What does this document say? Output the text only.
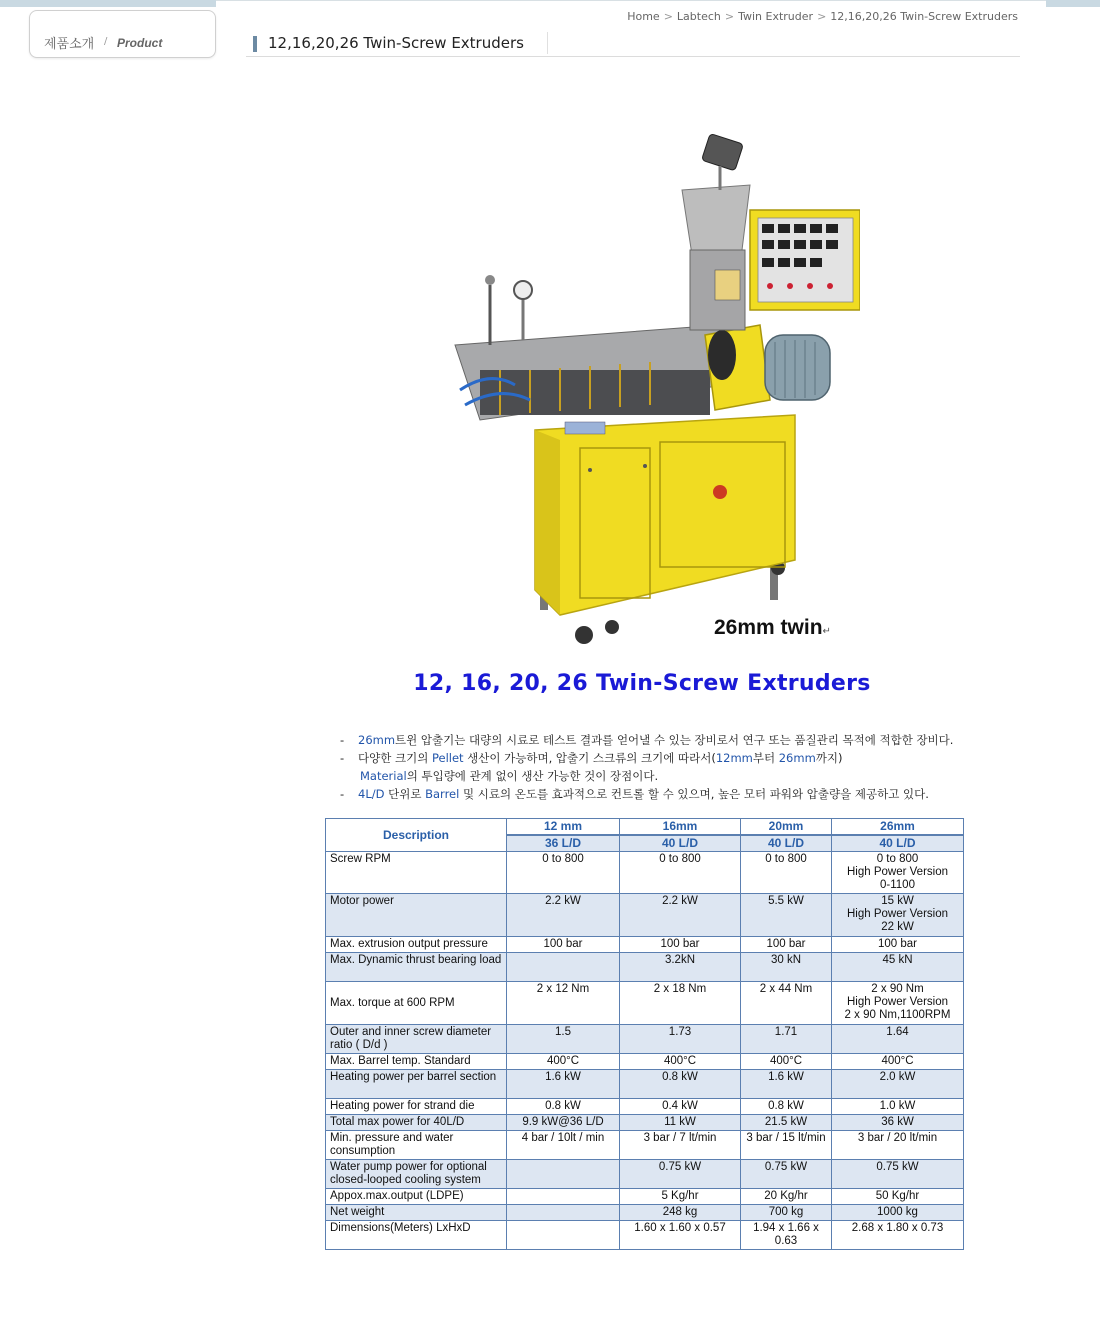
제품소개 / Product
Home > Labtech > Twin Extruder > 12,16,20,26 Twin-Screw Extruders
12,16,20,26 Twin-Screw Extruders
26mm twin↵
12, 16, 20, 26 Twin-Screw Extruders
- 26mm트윈 압출기는 대량의 시료로 테스트 결과를 얻어낼 수 있는 장비로서 연구 또는 품질관리 목적에 적합한 장비다.
- 다양한 크기의 Pellet 생산이 가능하며, 압출기 스크류의 크기에 따라서(12mm부터 26mm까지)
Material의 투입량에 관계 없이 생산 가능한 것이 장점이다.
- 4L/D 단위로 Barrel 및 시료의 온도를 효과적으로 컨트롤 할 수 있으며, 높은 모터 파워와 압출량을 제공하고 있다.
Description	12 mm	16mm	20mm	26mm
	36 L/D	40 L/D	40 L/D	40 L/D
Screw RPM	0 to 800	0 to 800	0 to 800	0 to 800
High Power Version
0-1100
Motor power	2.2 kW	2.2 kW	5.5 kW	15 kW
High Power Version
22 kW
Max. extrusion output pressure	100 bar	100 bar	100 bar	100 bar
Max. Dynamic thrust bearing load		3.2kN	30 kN	45 kN
Max. torque at 600 RPM	2 x 12 Nm	2 x 18 Nm	2 x 44 Nm	2 x 90 Nm
High Power Version
2 x 90 Nm,1100RPM
Outer and inner screw diameter ratio ( D/d )	1.5	1.73	1.71	1.64
Max. Barrel temp. Standard	400°C	400°C	400°C	400°C
Heating power per barrel section	1.6 kW	0.8 kW	1.6 kW	2.0 kW
Heating power for strand die	0.8 kW	0.4 kW	0.8 kW	1.0 kW
Total max power for 40L/D	9.9 kW@36 L/D	11 kW	21.5 kW	36 kW
Min. pressure and water consumption	4 bar / 10lt / min	3 bar / 7 lt/min	3 bar / 15 lt/min	3 bar / 20 lt/min
Water pump power for optional closed-looped cooling system		0.75 kW	0.75 kW	0.75 kW
Appox.max.output (LDPE)		5 Kg/hr	20 Kg/hr	50 Kg/hr
Net weight		248 kg	700 kg	1000 kg
Dimensions(Meters) LxHxD		1.60 x 1.60 x 0.57	1.94 x 1.66 x 0.63	2.68 x 1.80 x 0.73
